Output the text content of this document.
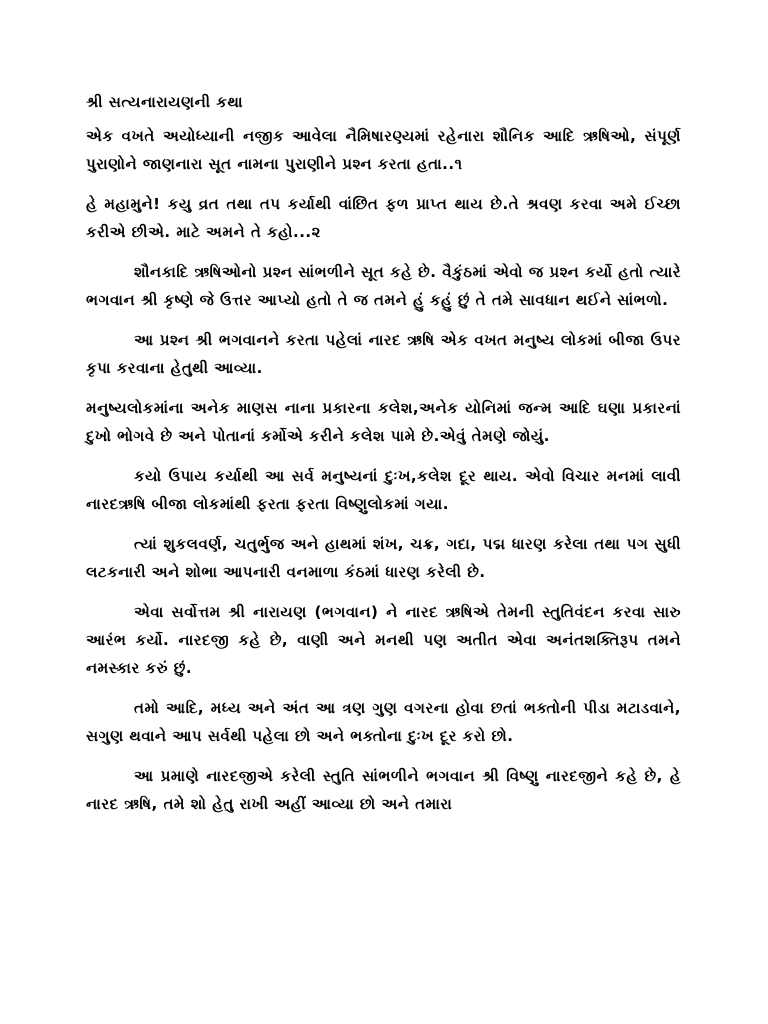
શ્રી સત્યનારાયણની કથા

એક વખતે અયોધ્યાની નજીક આવેલા નૈમિષારણ્યમાં રહેનારા શૌનિક આદિ ઋષિઓ, સંપૂર્ણ પુરાણોને જાણનારા સૂત નામના પુરાણીને પ્રશ્ન કરતા હતા..૧

હે મહામુને! કયુ વ્રત તથા તપ કર્યાથી વાંછિત ફળ પ્રાપ્ત થાય છે.તે શ્રવણ કરવા અમે ઈચ્છા કરીએ છીએ. માટે અમને તે કહો...૨

શૌનકાદિ ઋષિઓનો પ્રશ્ન સાંભળીને સૂત કહે છે. વૈકુંઠમાં એવો જ પ્રશ્ન કર્યો હતો ત્યારે ભગવાન શ્રી કૃષ્ણે જે ઉત્તર આપ્યો હતો તે જ તમને હું કહું છું તે તમે સાવધાન થઈને સાંભળો.

આ પ્રશ્ન શ્રી ભગવાનને કરતા પહેલાં નારદ ઋષિ એક વખત મનુષ્ય લોકમાં બીજા ઉપર કૃપા કરવાના હેતુથી આવ્યા.

મનુષ્યલોકમાંના અનેક માણસ નાના પ્રકારના કલેશ,અનેક યોનિમાં જન્મ આદિ ઘણા પ્રકારનાં દુખો ભોગવે છે અને પોતાનાં કર્મોએ કરીને કલેશ પામે છે.એવું તેમણે જોયું.

કયો ઉપાય કર્યાથી આ સર્વ મનુષ્યનાં દુઃખ,કલેશ દૂર થાય. એવો વિચાર મનમાં લાવી નારદઋષિ બીજા લોકમાંથી ફરતા ફરતા વિષ્ણુલોકમાં ગયા.

ત્યાં શુકલવર્ણ, ચતુર્ભુજ અને હાથમાં શંખ, ચક્ર, ગદા, પદ્મ ધારણ કરેલા તથા પગ સુધી લટકનારી અને શોભા આપનારી વનમાળા કંઠમાં ધારણ કરેલી છે.

એવા સર્વોત્તમ શ્રી નારાયણ (ભગવાન) ને નારદ ઋષિએ તેમની સ્તુતિવંદન કરવા સારુ આરંભ કર્યો. નારદજી કહે છે, વાણી અને મનથી પણ અતીત એવા અનંતશક્તિરૂપ તમને નમસ્કાર કરું છું.

તમો આદિ, મધ્ય અને અંત આ ત્રણ ગુણ વગરના હોવા છતાં ભક્તોની પીડા મટાડવાને, સગુણ થવાને આપ સર્વથી પહેલા છો અને ભક્તોના દુઃખ દૂર કરો છો.

આ પ્રમાણે નારદજીએ કરેલી સ્તુતિ સાંભળીને ભગવાન શ્રી વિષ્ણુ નારદજીને કહે છે, હે નારદ ઋષિ, તમે શો હેતુ રાખી અહીં આવ્યા છો અને તમારા
